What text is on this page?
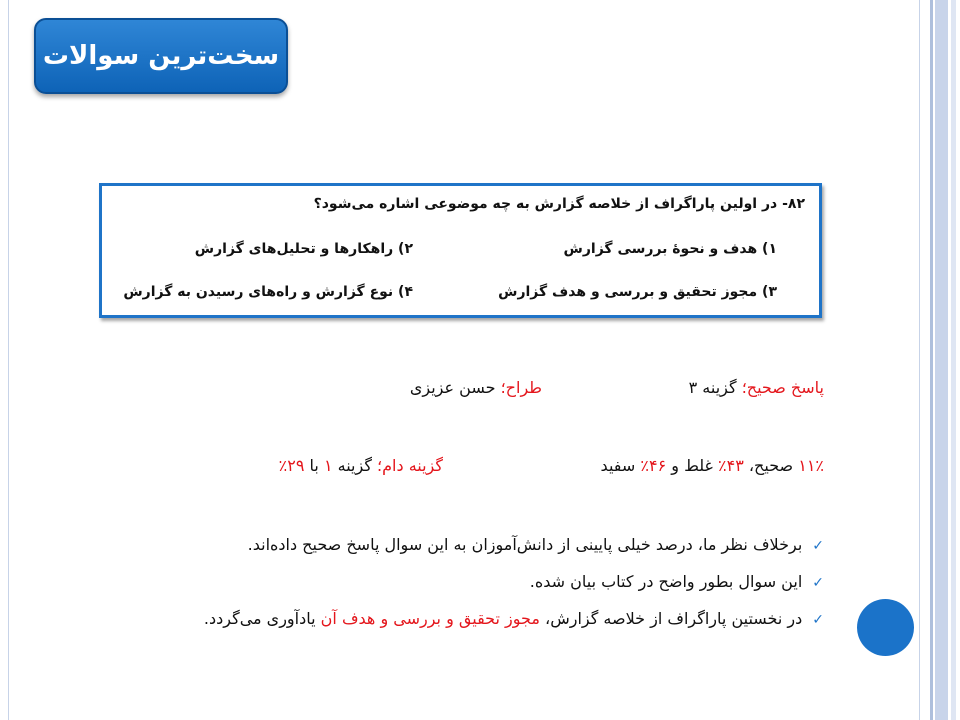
سخت‌ترین سوالات
۸۲- در اولین پاراگراف از خلاصه گزارش به چه موضوعی اشاره می‌شود؟
۱) هدف و نحوهٔ بررسی گزارش
۲) راهکارها و تحلیل‌های گزارش
۳) مجوز تحقیق و بررسی و هدف گزارش
۴) نوع گزارش و راه‌های رسیدن به گزارش
پاسخ صحیح؛ گزینه ۳
طراح؛ حسن عزیزی
۱۱٪ صحیح، ۴۳٪ غلط و ۴۶٪ سفید
گزینه دام؛ گزینه ۱ با ۲۹٪
✓برخلاف نظر ما، درصد خیلی پایینی از دانش‌آموزان به این سوال پاسخ صحیح داده‌اند.
✓این سوال بطور واضح در کتاب بیان شده.
✓در نخستین پاراگراف از خلاصه گزارش، مجوز تحقیق و بررسی و هدف آن یادآوری می‌گردد.
